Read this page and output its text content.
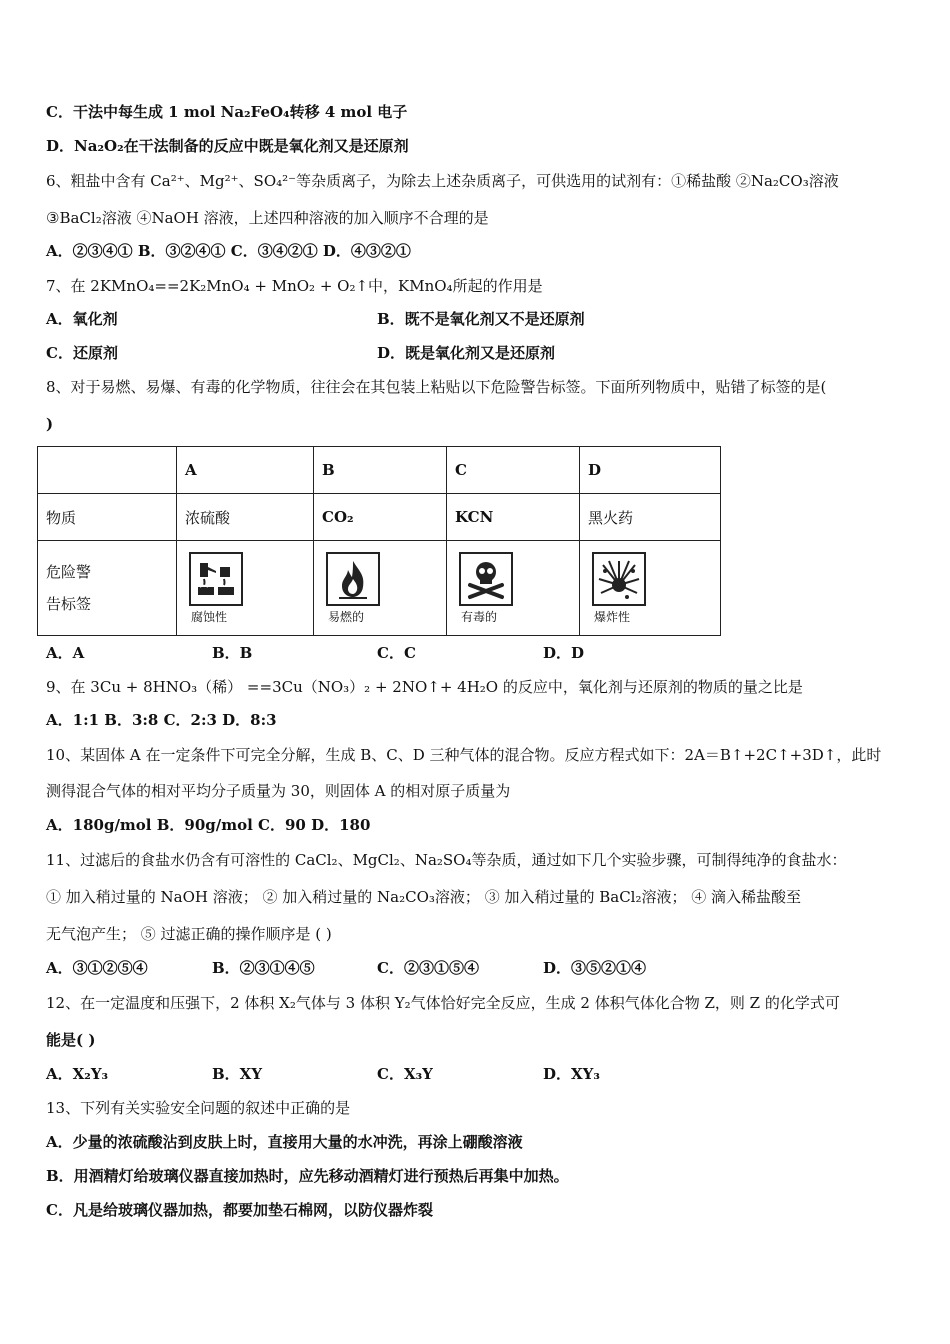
C．干法中每生成 1 mol Na₂FeO₄转移 4 mol 电子
D．Na₂O₂在干法制备的反应中既是氧化剂又是还原剂
6、粗盐中含有 Ca²⁺、Mg²⁺、SO₄²⁻等杂质离子，为除去上述杂质离子，可供选用的试剂有：①稀盐酸 ②Na₂CO₃溶液
③BaCl₂溶液 ④NaOH 溶液，上述四种溶液的加入顺序不合理的是
A．②③④① B．③②④① C．③④②① D．④③②①
7、在 2KMnO₄==2K₂MnO₄ + MnO₂ + O₂↑中，KMnO₄所起的作用是
A．氧化剂	B．既不是氧化剂又不是还原剂
C．还原剂	D．既是氧化剂又是还原剂
8、对于易燃、易爆、有毒的化学物质，往往会在其包装上粘贴以下危险警告标签。下面所列物质中，贴错了标签的是(
)
	A	B	C	D
物质	浓硫酸	CO₂	KCN	黑火药

危险警
告标签	腐蚀性	易燃的	有毒的	爆炸性
A．A	B．B	C．C	D．D
9、在 3Cu + 8HNO₃（稀） ==3Cu（NO₃）₂ + 2NO↑+ 4H₂O 的反应中，氧化剂与还原剂的物质的量之比是
A．1:1 B．3:8 C．2:3 D．8:3
10、某固体 A 在一定条件下可完全分解，生成 B、C、D 三种气体的混合物。反应方程式如下：2A＝B↑+2C↑+3D↑，此时
测得混合气体的相对平均分子质量为 30，则固体 A 的相对原子质量为
A．180g/mol B．90g/mol C．90 D．180
11、过滤后的食盐水仍含有可溶性的 CaCl₂、MgCl₂、Na₂SO₄等杂质，通过如下几个实验步骤，可制得纯净的食盐水：
① 加入稍过量的 NaOH 溶液； ② 加入稍过量的 Na₂CO₃溶液； ③ 加入稍过量的 BaCl₂溶液； ④ 滴入稀盐酸至
无气泡产生； ⑤ 过滤正确的操作顺序是 ( )
A．③①②⑤④	B．②③①④⑤	C．②③①⑤④	D．③⑤②①④
12、在一定温度和压强下，2 体积 X₂气体与 3 体积 Y₂气体恰好完全反应，生成 2 体积气体化合物 Z，则 Z 的化学式可
能是( )
A．X₂Y₃	B．XY	C．X₃Y	D．XY₃
13、下列有关实验安全问题的叙述中正确的是
A．少量的浓硫酸沾到皮肤上时，直接用大量的水冲洗，再涂上硼酸溶液
B．用酒精灯给玻璃仪器直接加热时，应先移动酒精灯进行预热后再集中加热。
C．凡是给玻璃仪器加热，都要加垫石棉网，以防仪器炸裂
